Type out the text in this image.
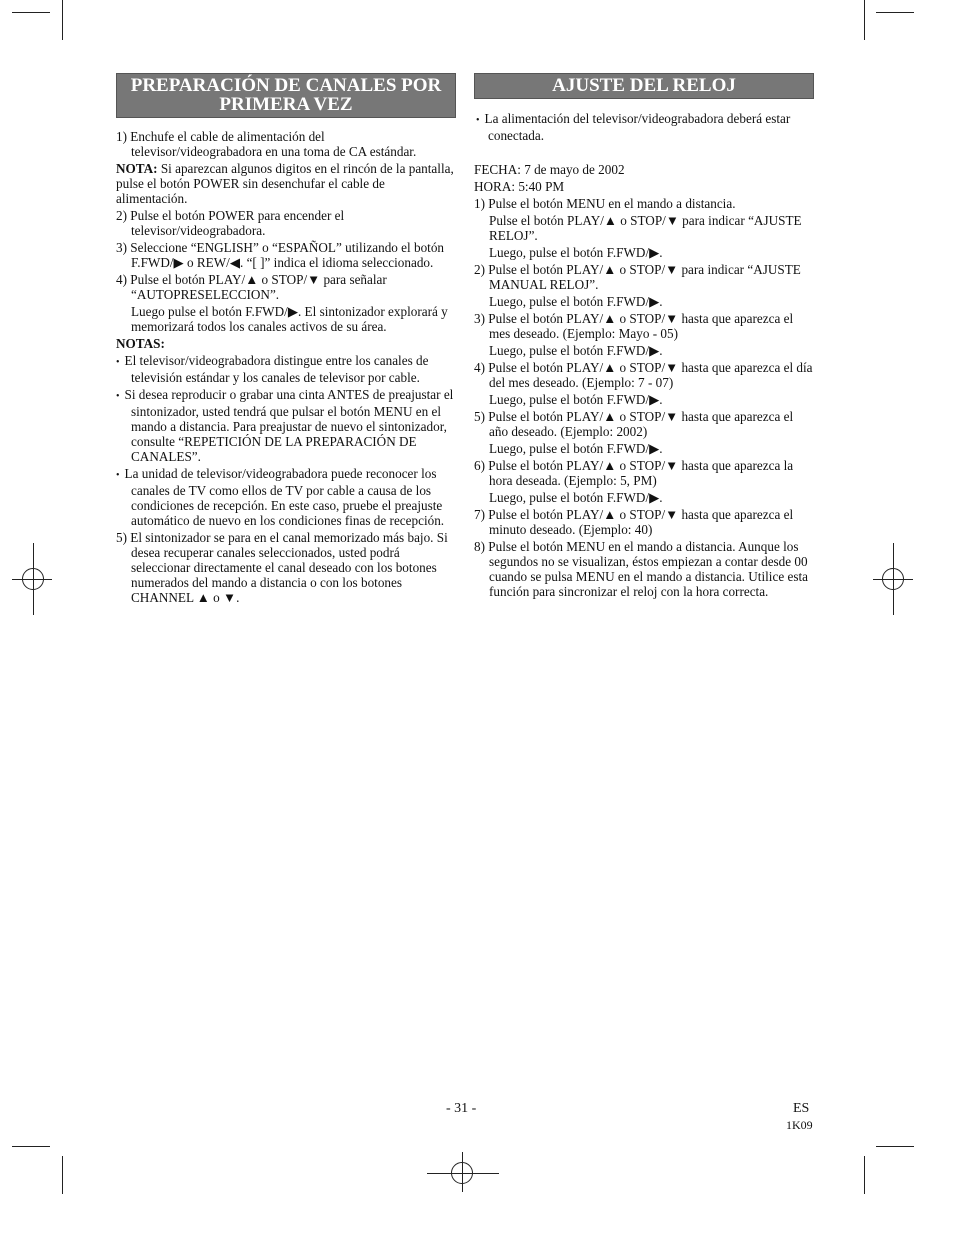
PREPARACIÓN DE CANALES POR PRIMERA VEZ

1) Enchufe el cable de alimentación del televisor/videograbadora en una toma de CA estándar.

NOTA: Si aparezcan algunos digitos en el rincón de la pantalla, pulse el botón POWER sin desenchufar el cable de alimentación.

2) Pulse el botón POWER para encender el televisor/videograbadora.

3) Seleccione “ENGLISH” o “ESPAÑOL” utilizando el botón F.FWD/▶ o REW/◀. “[ ]” indica el idioma seleccionado.

4) Pulse el botón PLAY/▲ o STOP/▼ para señalar “AUTOPRESELECCION”.

Luego pulse el botón F.FWD/▶. El sintonizador explorará y memorizará todos los canales activos de su área.

NOTAS:

•  El televisor/videograbadora distingue entre los canales de televisión estándar y los canales de televisor por cable.

•  Si desea reproducir o grabar una cinta ANTES de preajustar el sintonizador, usted tendrá que pulsar el botón MENU en el mando a distancia. Para preajustar de nuevo el sintonizador, consulte “REPETICIÓN DE LA PREPARACIÓN DE CANALES”.

•  La unidad de televisor/videograbadora puede reconocer los canales de TV como ellos de TV por cable a causa de los condiciones de recepción. En este caso, pruebe el preajuste automático de nuevo en los condiciones finas de recepción.

5) El sintonizador se para en el canal memorizado más bajo. Si desea recuperar canales seleccionados, usted podrá seleccionar directamente el canal deseado con los botones numerados del mando a distancia o con los botones CHANNEL ▲ o ▼.

AJUSTE DEL RELOJ

•  La alimentación del televisor/videograbadora deberá estar conectada.

FECHA: 7 de mayo de 2002

HORA: 5:40 PM

1) Pulse el botón MENU en el mando a distancia.

Pulse el botón PLAY/▲ o STOP/▼ para indicar “AJUSTE RELOJ”.

Luego, pulse el botón F.FWD/▶.

2) Pulse el botón PLAY/▲ o STOP/▼ para indicar “AJUSTE MANUAL RELOJ”.

Luego, pulse el botón F.FWD/▶.

3) Pulse el botón PLAY/▲ o STOP/▼ hasta que aparezca el mes deseado. (Ejemplo: Mayo - 05)

Luego, pulse el botón F.FWD/▶.

4) Pulse el botón PLAY/▲ o STOP/▼ hasta que aparezca el día del mes deseado. (Ejemplo: 7 - 07)

Luego, pulse el botón F.FWD/▶.

5) Pulse el botón PLAY/▲ o STOP/▼ hasta que aparezca el año deseado. (Ejemplo: 2002)

Luego, pulse el botón F.FWD/▶.

6) Pulse el botón PLAY/▲ o STOP/▼ hasta que aparezca la hora deseada. (Ejemplo: 5, PM)

Luego, pulse el botón F.FWD/▶.

7) Pulse el botón PLAY/▲ o STOP/▼ hasta que aparezca el minuto deseado. (Ejemplo: 40)

8) Pulse el botón MENU en el mando a distancia. Aunque los segundos no se visualizan, éstos empiezan a contar desde 00 cuando se pulsa MENU en el mando a distancia. Utilice esta función para sincronizar el reloj con la hora correcta.

- 31 -	ES
1K09
